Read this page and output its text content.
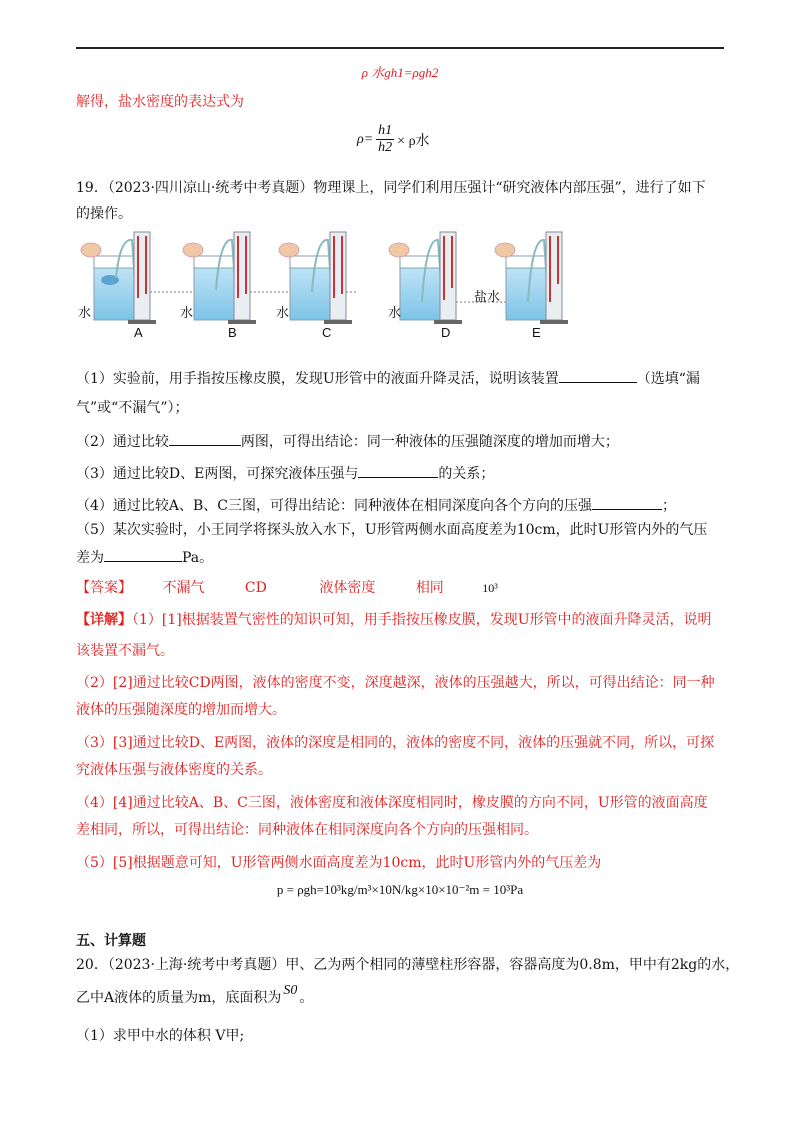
ρ 水gh1=ρgh2
解得，盐水密度的表达式为
$\rho= \frac{h1}{h2} \times \rho$水
19．（2023·四川凉山·统考中考真题）物理课上，同学们利用压强计“研究液体内部压强”，进行了如下
的操作。
水	水	水	水
盐水
A	B	C	D	E
（1）实验前，用手指按压橡皮膜，发现U形管中的液面升降灵活，说明该装置	（选填“漏
气”或“不漏气”）；
（2）通过比较	两图，可得出结论：同一种液体的压强随深度的增加而增大；
（3）通过比较D、E两图，可探究液体压强与	的关系；
（4）通过比较A、B、C三图，可得出结论：同种液体在相同深度向各个方向的压强	；
（5）某次实验时，小王同学将探头放入水下，U形管两侧水面高度差为10cm，此时U形管内外的气压
差为	Pa。
【答案】 不漏气	CD	液体密度	相同	10³
【详解】（1）[1]根据装置气密性的知识可知，用手指按压橡皮膜，发现U形管中的液面升降灵活，说明
该装置不漏气。
（2）[2]通过比较CD两图，液体的密度不变，深度越深，液体的压强越大，所以，可得出结论：同一种
液体的压强随深度的增加而增大。
（3）[3]通过比较D、E两图，液体的深度是相同的，液体的密度不同，液体的压强就不同，所以，可探
究液体压强与液体密度的关系。
（4）[4]通过比较A、B、C三图，液体密度和液体深度相同时，橡皮膜的方向不同，U形管的液面高度
差相同，所以，可得出结论：同种液体在相同深度向各个方向的压强相同。
（5）[5]根据题意可知，U形管两侧水面高度差为10cm，此时U形管内外的气压差为
p = ρgh=10³kg/m³×10N/kg×10×10⁻²m = 10³Pa
五、计算题
20．（2023·上海·统考中考真题）甲、乙为两个相同的薄壁柱形容器，容器高度为0.8m，甲中有2kg的水，
乙中A液体的质量为m，底面积为 S0 。
（1）求甲中水的体积 V甲;
